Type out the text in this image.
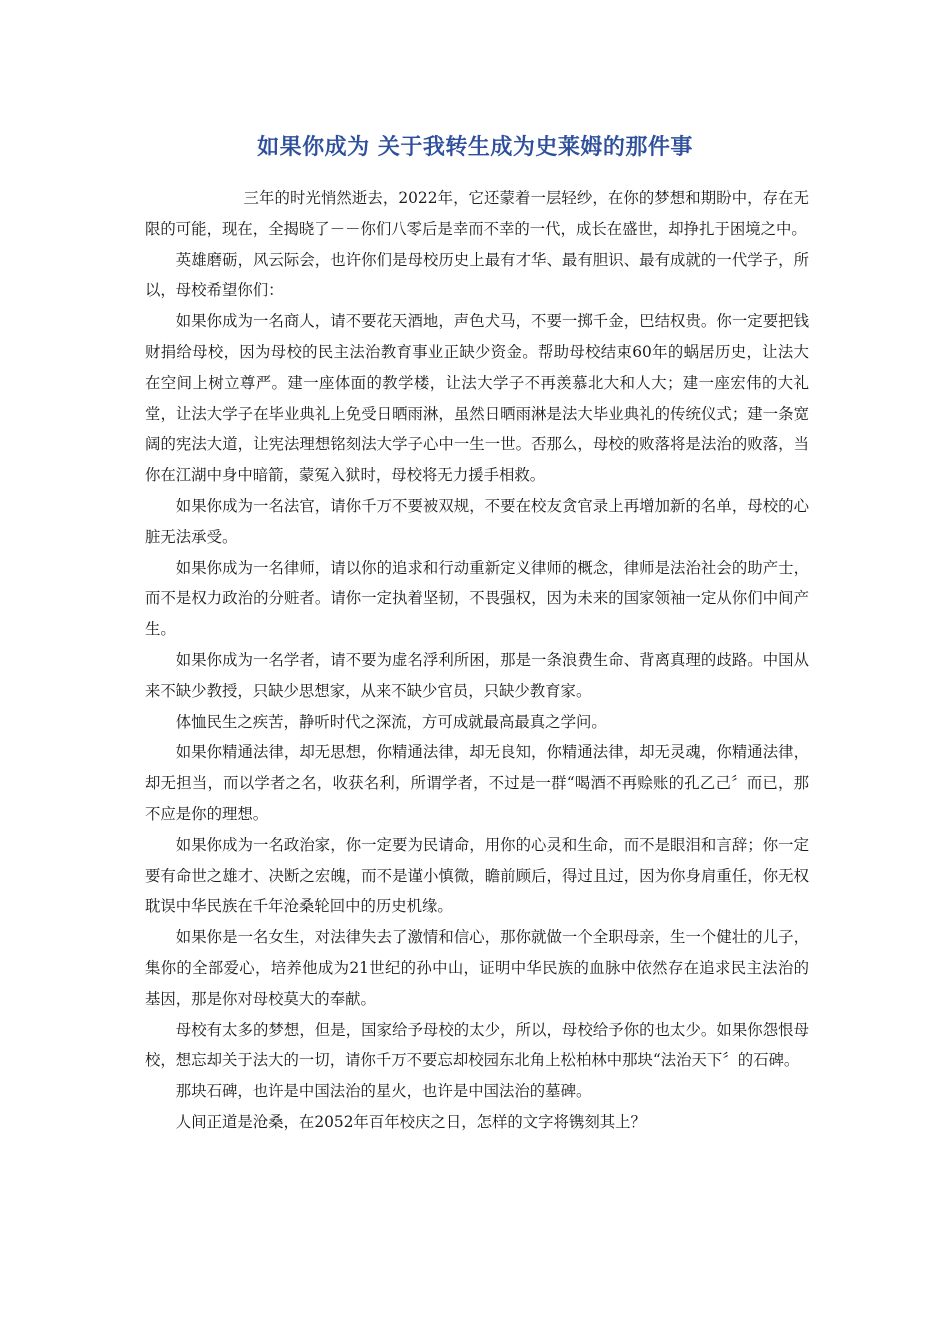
如果你成为 关于我转生成为史莱姆的那件事

三年的时光悄然逝去，2022年，它还蒙着一层轻纱，在你的梦想和期盼中，存在无限的可能，现在，全揭晓了－－你们八零后是幸而不幸的一代，成长在盛世，却挣扎于困境之中。

英雄磨砺，风云际会，也许你们是母校历史上最有才华、最有胆识、最有成就的一代学子，所以，母校希望你们：

如果你成为一名商人，请不要花天酒地，声色犬马，不要一掷千金，巴结权贵。你一定要把钱财捐给母校，因为母校的民主法治教育事业正缺少资金。帮助母校结束60年的蜗居历史，让法大在空间上树立尊严。建一座体面的教学楼，让法大学子不再羡慕北大和人大；建一座宏伟的大礼堂，让法大学子在毕业典礼上免受日晒雨淋，虽然日晒雨淋是法大毕业典礼的传统仪式；建一条宽阔的宪法大道，让宪法理想铭刻法大学子心中一生一世。否那么，母校的败落将是法治的败落，当你在江湖中身中暗箭，蒙冤入狱时，母校将无力援手相救。

如果你成为一名法官，请你千万不要被双规，不要在校友贪官录上再增加新的名单，母校的心脏无法承受。

如果你成为一名律师，请以你的追求和行动重新定义律师的概念，律师是法治社会的助产士，而不是权力政治的分赃者。请你一定执着坚韧，不畏强权，因为未来的国家领袖一定从你们中间产生。

如果你成为一名学者，请不要为虚名浮利所困，那是一条浪费生命、背离真理的歧路。中国从来不缺少教授，只缺少思想家，从来不缺少官员，只缺少教育家。

体恤民生之疾苦，静听时代之深流，方可成就最高最真之学问。

如果你精通法律，却无思想，你精通法律，却无良知，你精通法律，却无灵魂，你精通法律，却无担当，而以学者之名，收获名利，所谓学者，不过是一群“喝酒不再赊账的孔乙己〞而已，那不应是你的理想。

如果你成为一名政治家，你一定要为民请命，用你的心灵和生命，而不是眼泪和言辞；你一定要有命世之雄才、决断之宏魄，而不是谨小慎微，瞻前顾后，得过且过，因为你身肩重任，你无权耽误中华民族在千年沧桑轮回中的历史机缘。

如果你是一名女生，对法律失去了激情和信心，那你就做一个全职母亲，生一个健壮的儿子，集你的全部爱心，培养他成为21世纪的孙中山，证明中华民族的血脉中依然存在追求民主法治的基因，那是你对母校莫大的奉献。

母校有太多的梦想，但是，国家给予母校的太少，所以，母校给予你的也太少。如果你怨恨母校，想忘却关于法大的一切，请你千万不要忘却校园东北角上松柏林中那块“法治天下〞的石碑。

那块石碑，也许是中国法治的星火，也许是中国法治的墓碑。

人间正道是沧桑，在2052年百年校庆之日，怎样的文字将镌刻其上？
